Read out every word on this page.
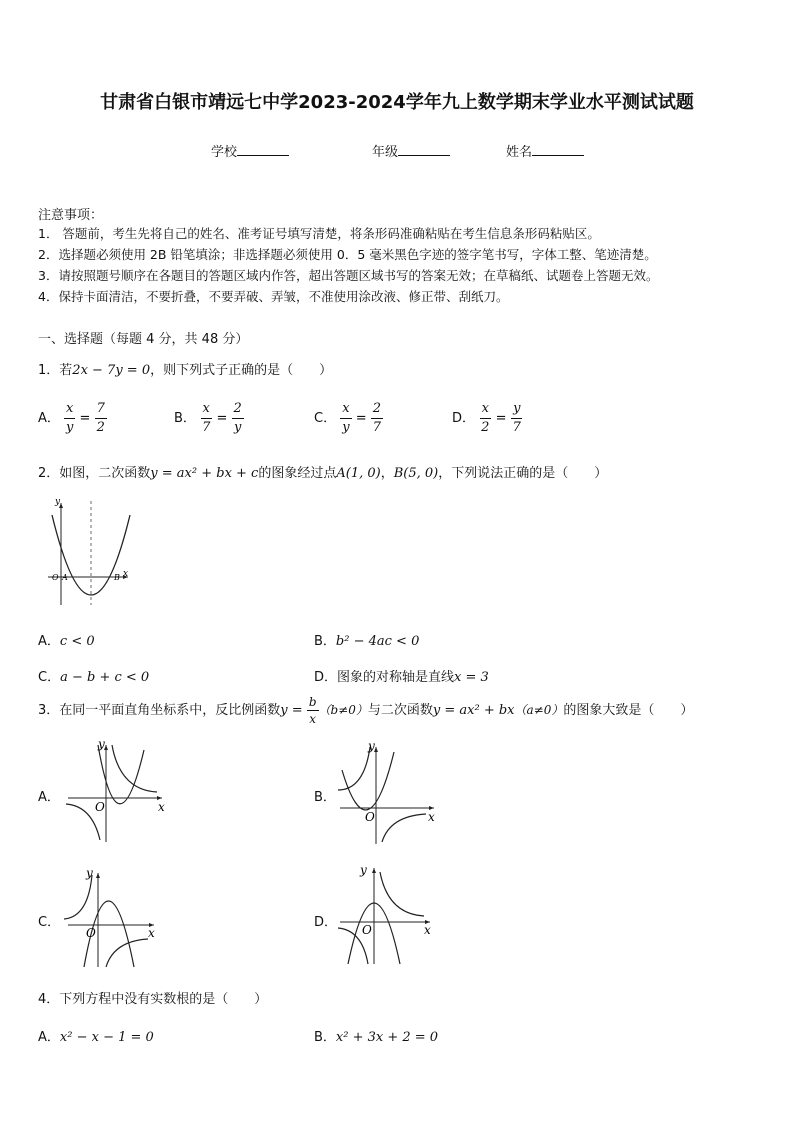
甘肃省白银市靖远七中学2023-2024学年九上数学期末学业水平测试试题
学校	年级	姓名
注意事项：
1． 答题前，考生先将自己的姓名、准考证号填写清楚，将条形码准确粘贴在考生信息条形码粘贴区。
2．选择题必须使用 2B 铅笔填涂；非选择题必须使用 0．5 毫米黑色字迹的签字笔书写，字体工整、笔迹清楚。
3．请按照题号顺序在各题目的答题区域内作答，超出答题区域书写的答案无效；在草稿纸、试题卷上答题无效。
4．保持卡面清洁，不要折叠，不要弄破、弄皱，不准使用涂改液、修正带、刮纸刀。
一、选择题（每题 4 分，共 48 分）
1．若2x − 7y = 0，则下列式子正确的是（　　）
A． $\frac{x}{y} = \frac{7}{2}$	B． $\frac{x}{7} = \frac{2}{y}$	C． $\frac{x}{y} = \frac{2}{7}$	D． $\frac{x}{2} = \frac{y}{7}$
2．如图，二次函数y = ax² + bx + c的图象经过点A(1, 0)，B(5, 0)，下列说法正确的是（　　）
y
x
O A	B
A．c < 0	B．b² − 4ac < 0
C．a − b + c < 0	D．图象的对称轴是直线x = 3
3．在同一平面直角坐标系中，反比例函数$y = \frac{b}{x} (b\ne 0)$与二次函数y = ax² + bx（a≠0）的图象大致是（　　）
A．
y
x
O
B．
y
x
O
C．
y
x
O
D．
y
x
O
4．下列方程中没有实数根的是（　　）
A．x² − x − 1 = 0	B．x² + 3x + 2 = 0
